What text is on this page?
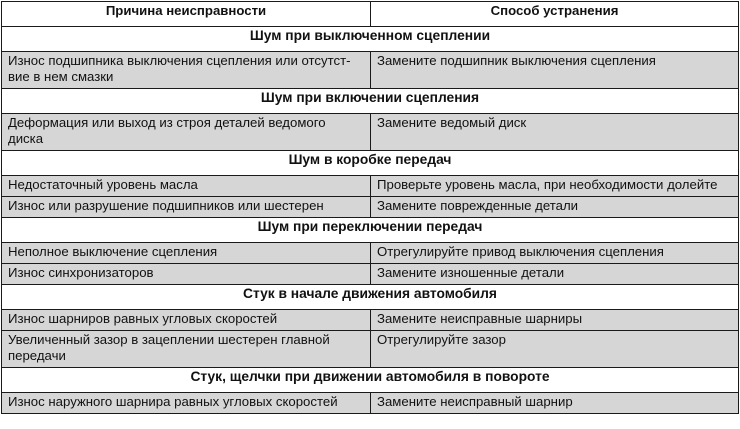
Причина неисправности	Способ устранения
Шум при выключенном сцеплении	
Износ подшипника выключения сцепления или отсутст-вие в нем смазки	Замените подшипник выключения сцепления
Шум при включении сцепления	
Деформация или выход из строя деталей ведомого диска	Замените ведомый диск
Шум в коробке передач	
Недостаточный уровень масла	Проверьте уровень масла, при необходимости долейте
Износ или разрушение подшипников или шестерен	Замените поврежденные детали
Шум при переключении передач	
Неполное выключение сцепления	Отрегулируйте привод выключения сцепления
Износ синхронизаторов	Замените изношенные детали
Стук в начале движения автомобиля	
Износ шарниров равных угловых скоростей	Замените неисправные шарниры
Увеличенный зазор в зацеплении шестерен главной передачи	Отрегулируйте зазор
Стук, щелчки при движении автомобиля в повороте	
Износ наружного шарнира равных угловых скоростей	Замените неисправный шарнир
